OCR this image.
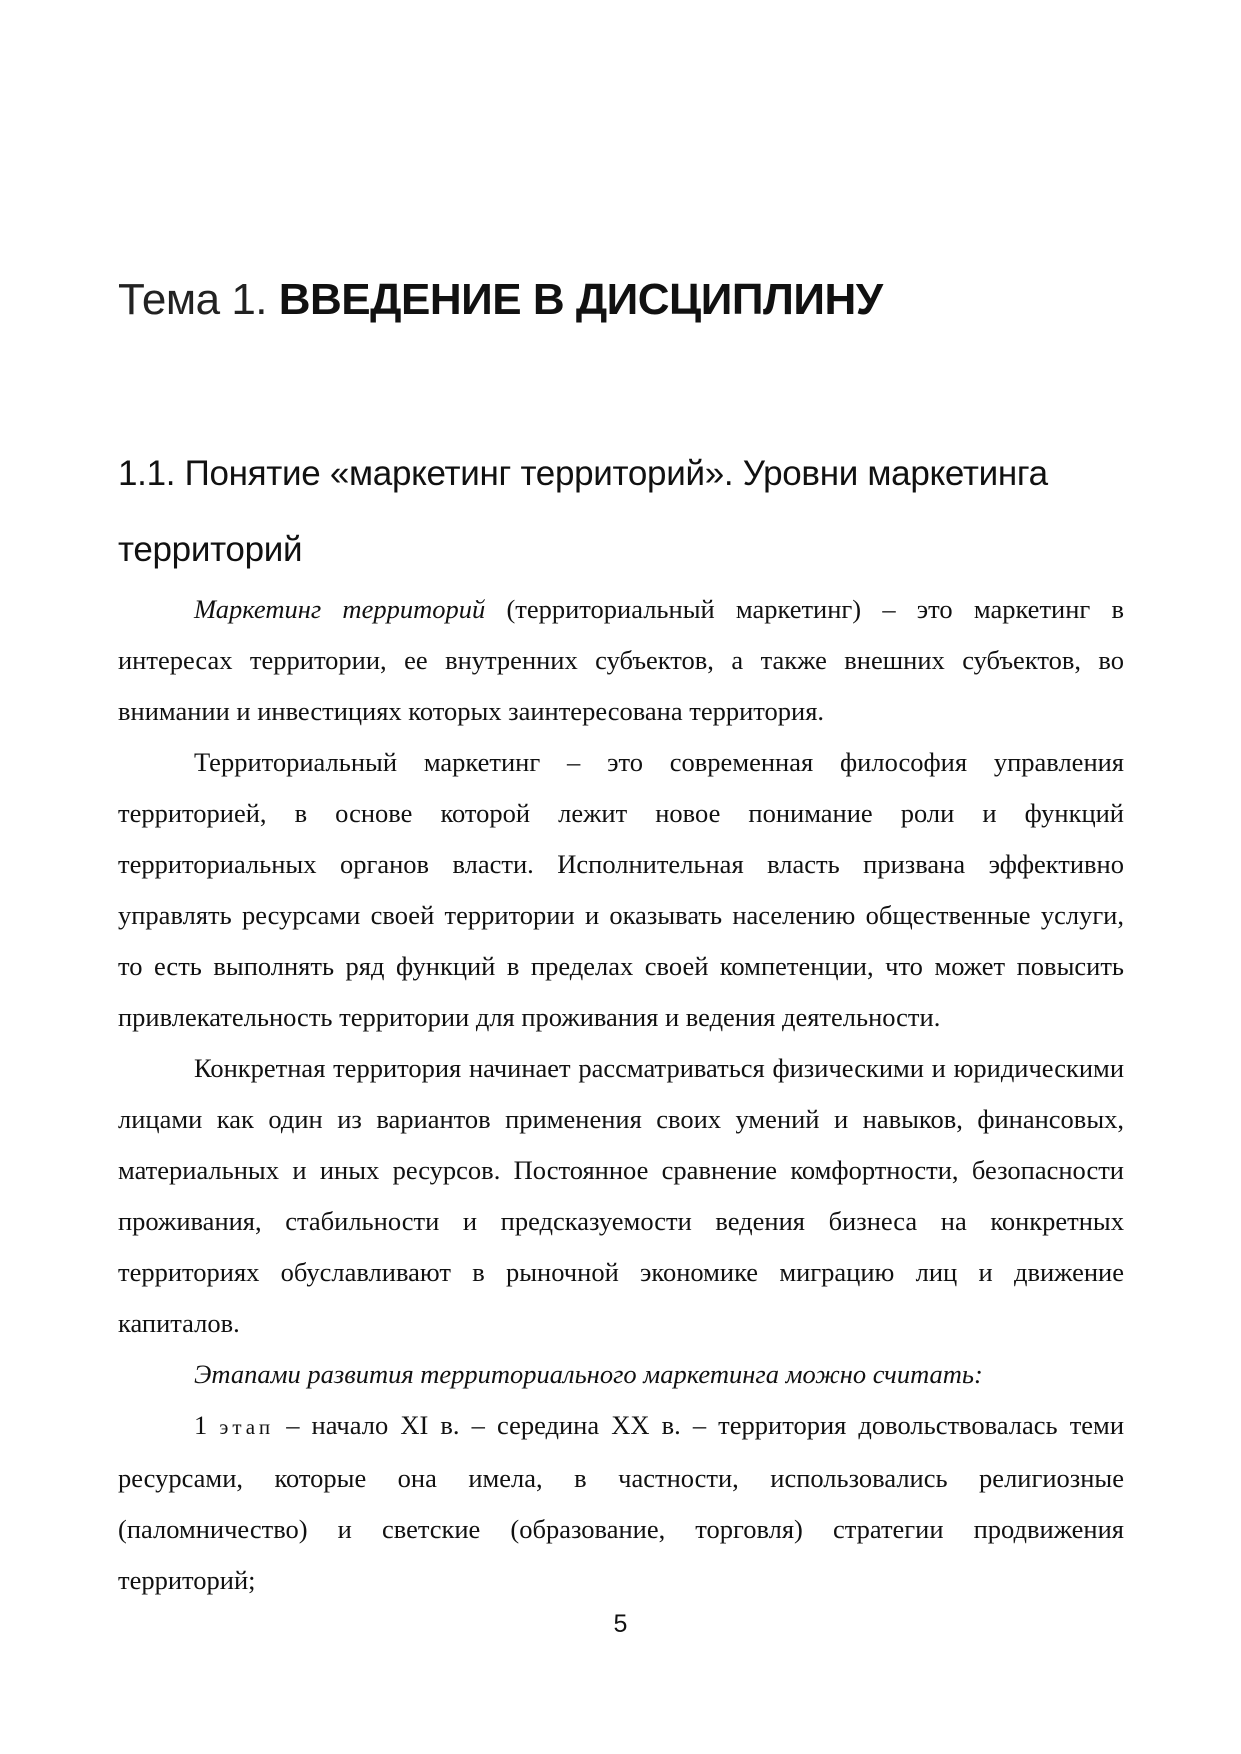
Тема 1. ВВЕДЕНИЕ В ДИСЦИПЛИНУ
1.1. Понятие «маркетинг территорий». Уровни маркетинга территорий

Маркетинг территорий (территориальный маркетинг) – это маркетинг в интересах территории, ее внутренних субъектов, а также внешних субъектов, во внимании и инвестициях которых заинтересована территория.

Территориальный маркетинг – это современная философия управления территорией, в основе которой лежит новое понимание роли и функций территориальных органов власти. Исполнительная власть призвана эффективно управлять ресурсами своей территории и оказывать населению общественные услуги, то есть выполнять ряд функций в пределах своей компетенции, что может повысить привлекательность территории для проживания и ведения деятельности.

Конкретная территория начинает рассматриваться физическими и юридическими лицами как один из вариантов применения своих умений и навыков, финансовых, материальных и иных ресурсов. Постоянное сравнение комфортности, безопасности проживания, стабильности и предсказуемости ведения бизнеса на конкретных территориях обуславливают в рыночной экономике миграцию лиц и движение капиталов.

Этапами развития территориального маркетинга можно считать:

1 этап – начало XI в. – середина XX в. – территория довольствовалась теми ресурсами, которые она имела, в частности, использовались религиозные (паломничество) и светские (образование, торговля) стратегии продвижения территорий;

5
